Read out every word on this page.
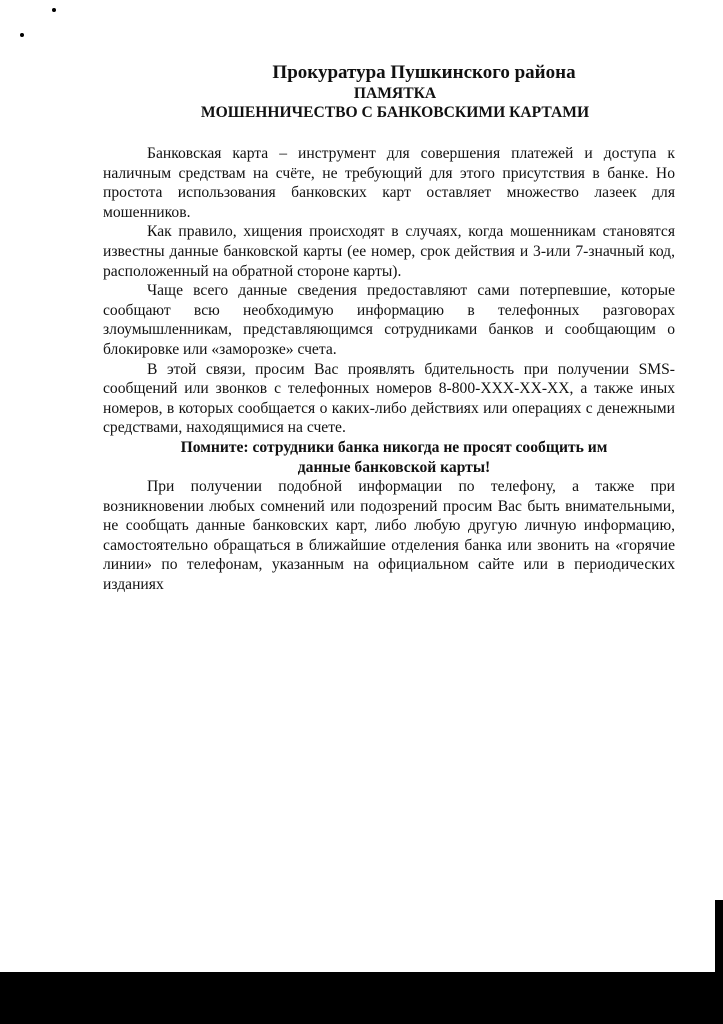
Прокуратура Пушкинского района

ПАМЯТКА

МОШЕННИЧЕСТВО С БАНКОВСКИМИ КАРТАМИ

Банковская карта – инструмент для совершения платежей и доступа к наличным средствам на счёте, не требующий для этого присутствия в банке. Но простота использования банковских карт оставляет множество лазеек для мошенников.

Как правило, хищения происходят в случаях, когда мошенникам становятся известны данные банковской карты (ее номер, срок действия и 3-или 7-значный код, расположенный на обратной стороне карты).

Чаще всего данные сведения предоставляют сами потерпевшие, которые сообщают всю необходимую информацию в телефонных разговорах злоумышленникам, представляющимся сотрудниками банков и сообщающим о блокировке или «заморозке» счета.

В этой связи, просим Вас проявлять бдительность при получении SMS-сообщений или звонков с телефонных номеров 8-800-ХХХ-ХХ-ХХ, а также иных номеров, в которых сообщается о каких-либо действиях или операциях с денежными средствами, находящимися на счете.

Помните: сотрудники банка никогда не просят сообщить им

данные банковской карты!

При получении подобной информации по телефону, а также при возникновении любых сомнений или подозрений просим Вас быть внимательными, не сообщать данные банковских карт, либо любую другую личную информацию, самостоятельно обращаться в ближайшие отделения банка или звонить на «горячие линии» по телефонам, указанным на официальном сайте или в периодических изданиях
